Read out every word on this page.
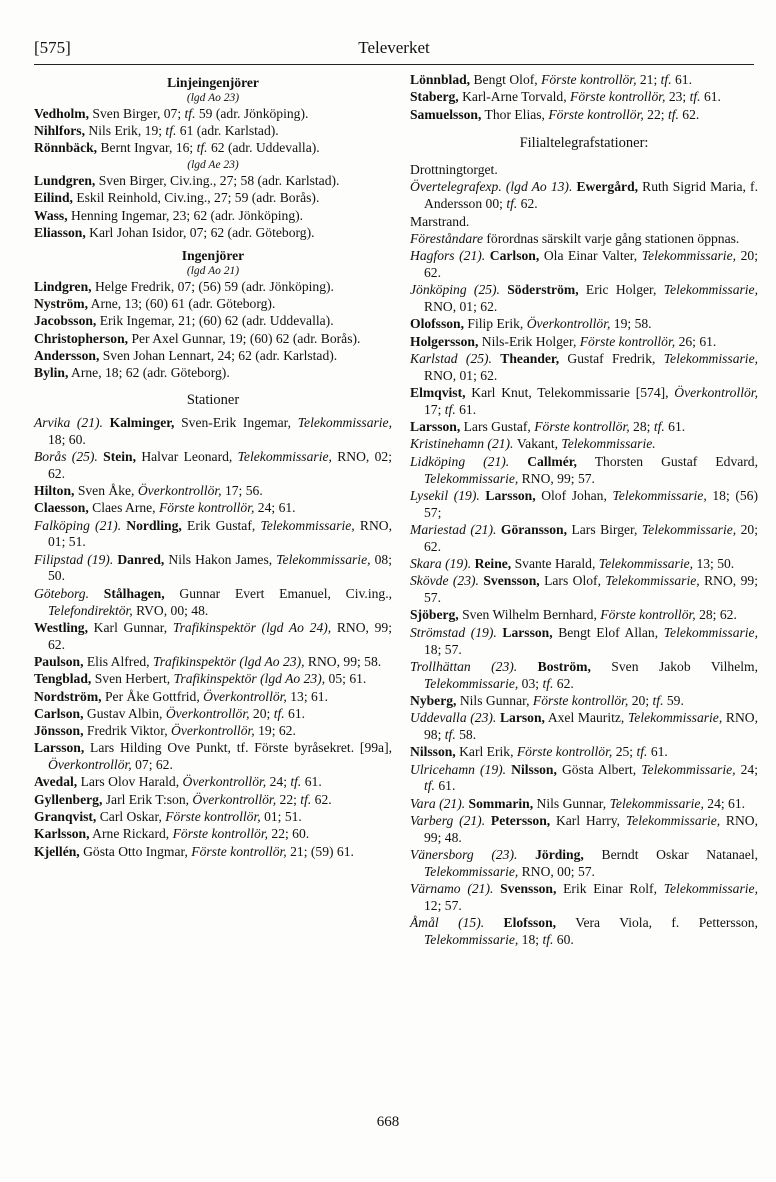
[575]	Televerket
Linjeingenjörer
(lgd Ao 23)
Vedholm, Sven Birger, 07; tf. 59 (adr. Jönköping).
Nihlfors, Nils Erik, 19; tf. 61 (adr. Karlstad).
Rönnbäck, Bernt Ingvar, 16; tf. 62 (adr. Uddevalla).
(lgd Ae 23)
Lundgren, Sven Birger, Civ.ing., 27; 58 (adr. Karlstad).
Eilind, Eskil Reinhold, Civ.ing., 27; 59 (adr. Borås).
Wass, Henning Ingemar, 23; 62 (adr. Jönköping).
Eliasson, Karl Johan Isidor, 07; 62 (adr. Göteborg).
Ingenjörer
(lgd Ao 21)
Lindgren, Helge Fredrik, 07; (56) 59 (adr. Jönköping).
Nyström, Arne, 13; (60) 61 (adr. Göteborg).
Jacobsson, Erik Ingemar, 21; (60) 62 (adr. Uddevalla).
Christopherson, Per Axel Gunnar, 19; (60) 62 (adr. Borås).
Andersson, Sven Johan Lennart, 24; 62 (adr. Karlstad).
Bylin, Arne, 18; 62 (adr. Göteborg).
Stationer
Arvika (21). Kalminger, Sven-Erik Ingemar, Telekommissarie, 18; 60.
Borås (25). Stein, Halvar Leonard, Telekommissarie, RNO, 02; 62.
Hilton, Sven Åke, Överkontrollör, 17; 56.
Claesson, Claes Arne, Förste kontrollör, 24; 61.
Falköping (21). Nordling, Erik Gustaf, Telekommissarie, RNO, 01; 51.
Filipstad (19). Danred, Nils Hakon James, Telekommissarie, 08; 50.
Göteborg. Stålhagen, Gunnar Evert Emanuel, Civ.ing., Telefondirektör, RVO, 00; 48.
Westling, Karl Gunnar, Trafikinspektör (lgd Ao 24), RNO, 99; 62.
Paulson, Elis Alfred, Trafikinspektör (lgd Ao 23), RNO, 99; 58.
Tengblad, Sven Herbert, Trafikinspektör (lgd Ao 23), 05; 61.
Nordström, Per Åke Gottfrid, Överkontrollör, 13; 61.
Carlson, Gustav Albin, Överkontrollör, 20; tf. 61.
Jönsson, Fredrik Viktor, Överkontrollör, 19; 62.
Larsson, Lars Hilding Ove Punkt, tf. Förste byråsekret. [99a], Överkontrollör, 07; 62.
Avedal, Lars Olov Harald, Överkontrollör, 24; tf. 61.
Gyllenberg, Jarl Erik T:son, Överkontrollör, 22; tf. 62.
Granqvist, Carl Oskar, Förste kontrollör, 01; 51.
Karlsson, Arne Rickard, Förste kontrollör, 22; 60.
Kjellén, Gösta Otto Ingmar, Förste kontrollör, 21; (59) 61.
Lönnblad, Bengt Olof, Förste kontrollör, 21; tf. 61.
Staberg, Karl-Arne Torvald, Förste kontrollör, 23; tf. 61.
Samuelsson, Thor Elias, Förste kontrollör, 22; tf. 62.
Filialtelegrafstationer:
Drottningtorget.
Övertelegrafexp. (lgd Ao 13). Ewergård, Ruth Sigrid Maria, f. Andersson 00; tf. 62.
Marstrand.
Föreståndare förordnas särskilt varje gång stationen öppnas.
Hagfors (21). Carlson, Ola Einar Valter, Telekommissarie, 20; 62.
Jönköping (25). Söderström, Eric Holger, Telekommissarie, RNO, 01; 62.
Olofsson, Filip Erik, Överkontrollör, 19; 58.
Holgersson, Nils-Erik Holger, Förste kontrollör, 26; 61.
Karlstad (25). Theander, Gustaf Fredrik, Telekommissarie, RNO, 01; 62.
Elmqvist, Karl Knut, Telekommissarie [574], Överkontrollör, 17; tf. 61.
Larsson, Lars Gustaf, Förste kontrollör, 28; tf. 61.
Kristinehamn (21). Vakant, Telekommissarie.
Lidköping (21). Callmér, Thorsten Gustaf Edvard, Telekommissarie, RNO, 99; 57.
Lysekil (19). Larsson, Olof Johan, Telekommissarie, 18; (56) 57;
Mariestad (21). Göransson, Lars Birger, Telekommissarie, 20; 62.
Skara (19). Reine, Svante Harald, Telekommissarie, 13; 50.
Skövde (23). Svensson, Lars Olof, Telekommissarie, RNO, 99; 57.
Sjöberg, Sven Wilhelm Bernhard, Förste kontrollör, 28; 62.
Strömstad (19). Larsson, Bengt Elof Allan, Telekommissarie, 18; 57.
Trollhättan (23). Boström, Sven Jakob Vilhelm, Telekommissarie, 03; tf. 62.
Nyberg, Nils Gunnar, Förste kontrollör, 20; tf. 59.
Uddevalla (23). Larson, Axel Mauritz, Telekommissarie, RNO, 98; tf. 58.
Nilsson, Karl Erik, Förste kontrollör, 25; tf. 61.
Ulricehamn (19). Nilsson, Gösta Albert, Telekommissarie, 24; tf. 61.
Vara (21). Sommarin, Nils Gunnar, Telekommissarie, 24; 61.
Varberg (21). Petersson, Karl Harry, Telekommissarie, RNO, 99; 48.
Vänersborg (23). Jörding, Berndt Oskar Natanael, Telekommissarie, RNO, 00; 57.
Värnamo (21). Svensson, Erik Einar Rolf, Telekommissarie, 12; 57.
Åmål (15). Elofsson, Vera Viola, f. Pettersson, Telekommissarie, 18; tf. 60.
668
